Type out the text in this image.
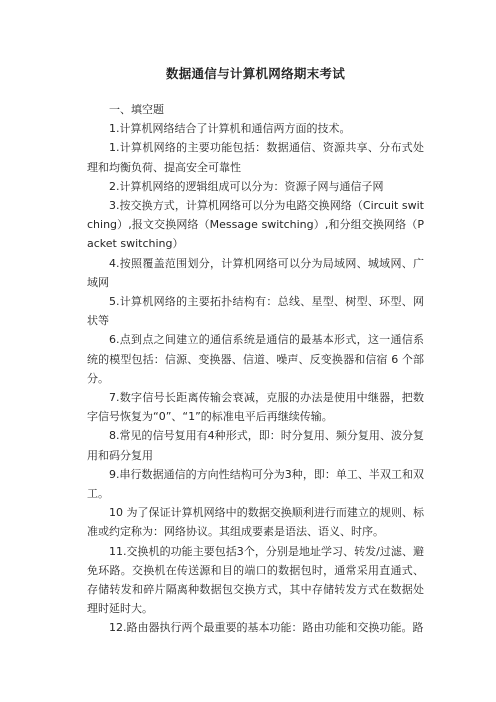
数据通信与计算机网络期末考试

一、填空题

1.计算机网络结合了计算机和通信两方面的技术。

1.计算机网络的主要功能包括：数据通信、资源共享、分布式处理和均衡负荷、提高安全可靠性

2.计算机网络的逻辑组成可以分为：资源子网与通信子网

3.按交换方式，计算机网络可以分为电路交换网络（Circuit switching）,报文交换网络（Message switching）,和分组交换网络（Packet switching）

4.按照覆盖范围划分，计算机网络可以分为局域网、城域网、广域网

5.计算机网络的主要拓扑结构有：总线、星型、树型、环型、网状等

6.点到点之间建立的通信系统是通信的最基本形式，这一通信系统的模型包括：信源、变换器、信道、噪声、反变换器和信宿 6 个部分。

7.数字信号长距离传输会衰减，克服的办法是使用中继器，把数字信号恢复为“0”、“1”的标准电平后再继续传输。

8.常见的信号复用有4种形式，即：时分复用、频分复用、波分复用和码分复用

9.串行数据通信的方向性结构可分为3种，即：单工、半双工和双工。

10 为了保证计算机网络中的数据交换顺利进行而建立的规则、标准或约定称为：网络协议。其组成要素是语法、语义、时序。

11.交换机的功能主要包括3个，分别是地址学习、转发/过滤、避免环路。交换机在传送源和目的端口的数据包时，通常采用直通式、存储转发和碎片隔离种数据包交换方式，其中存储转发方式在数据处理时延时大。

12.路由器执行两个最重要的基本功能：路由功能和交换功能。路
